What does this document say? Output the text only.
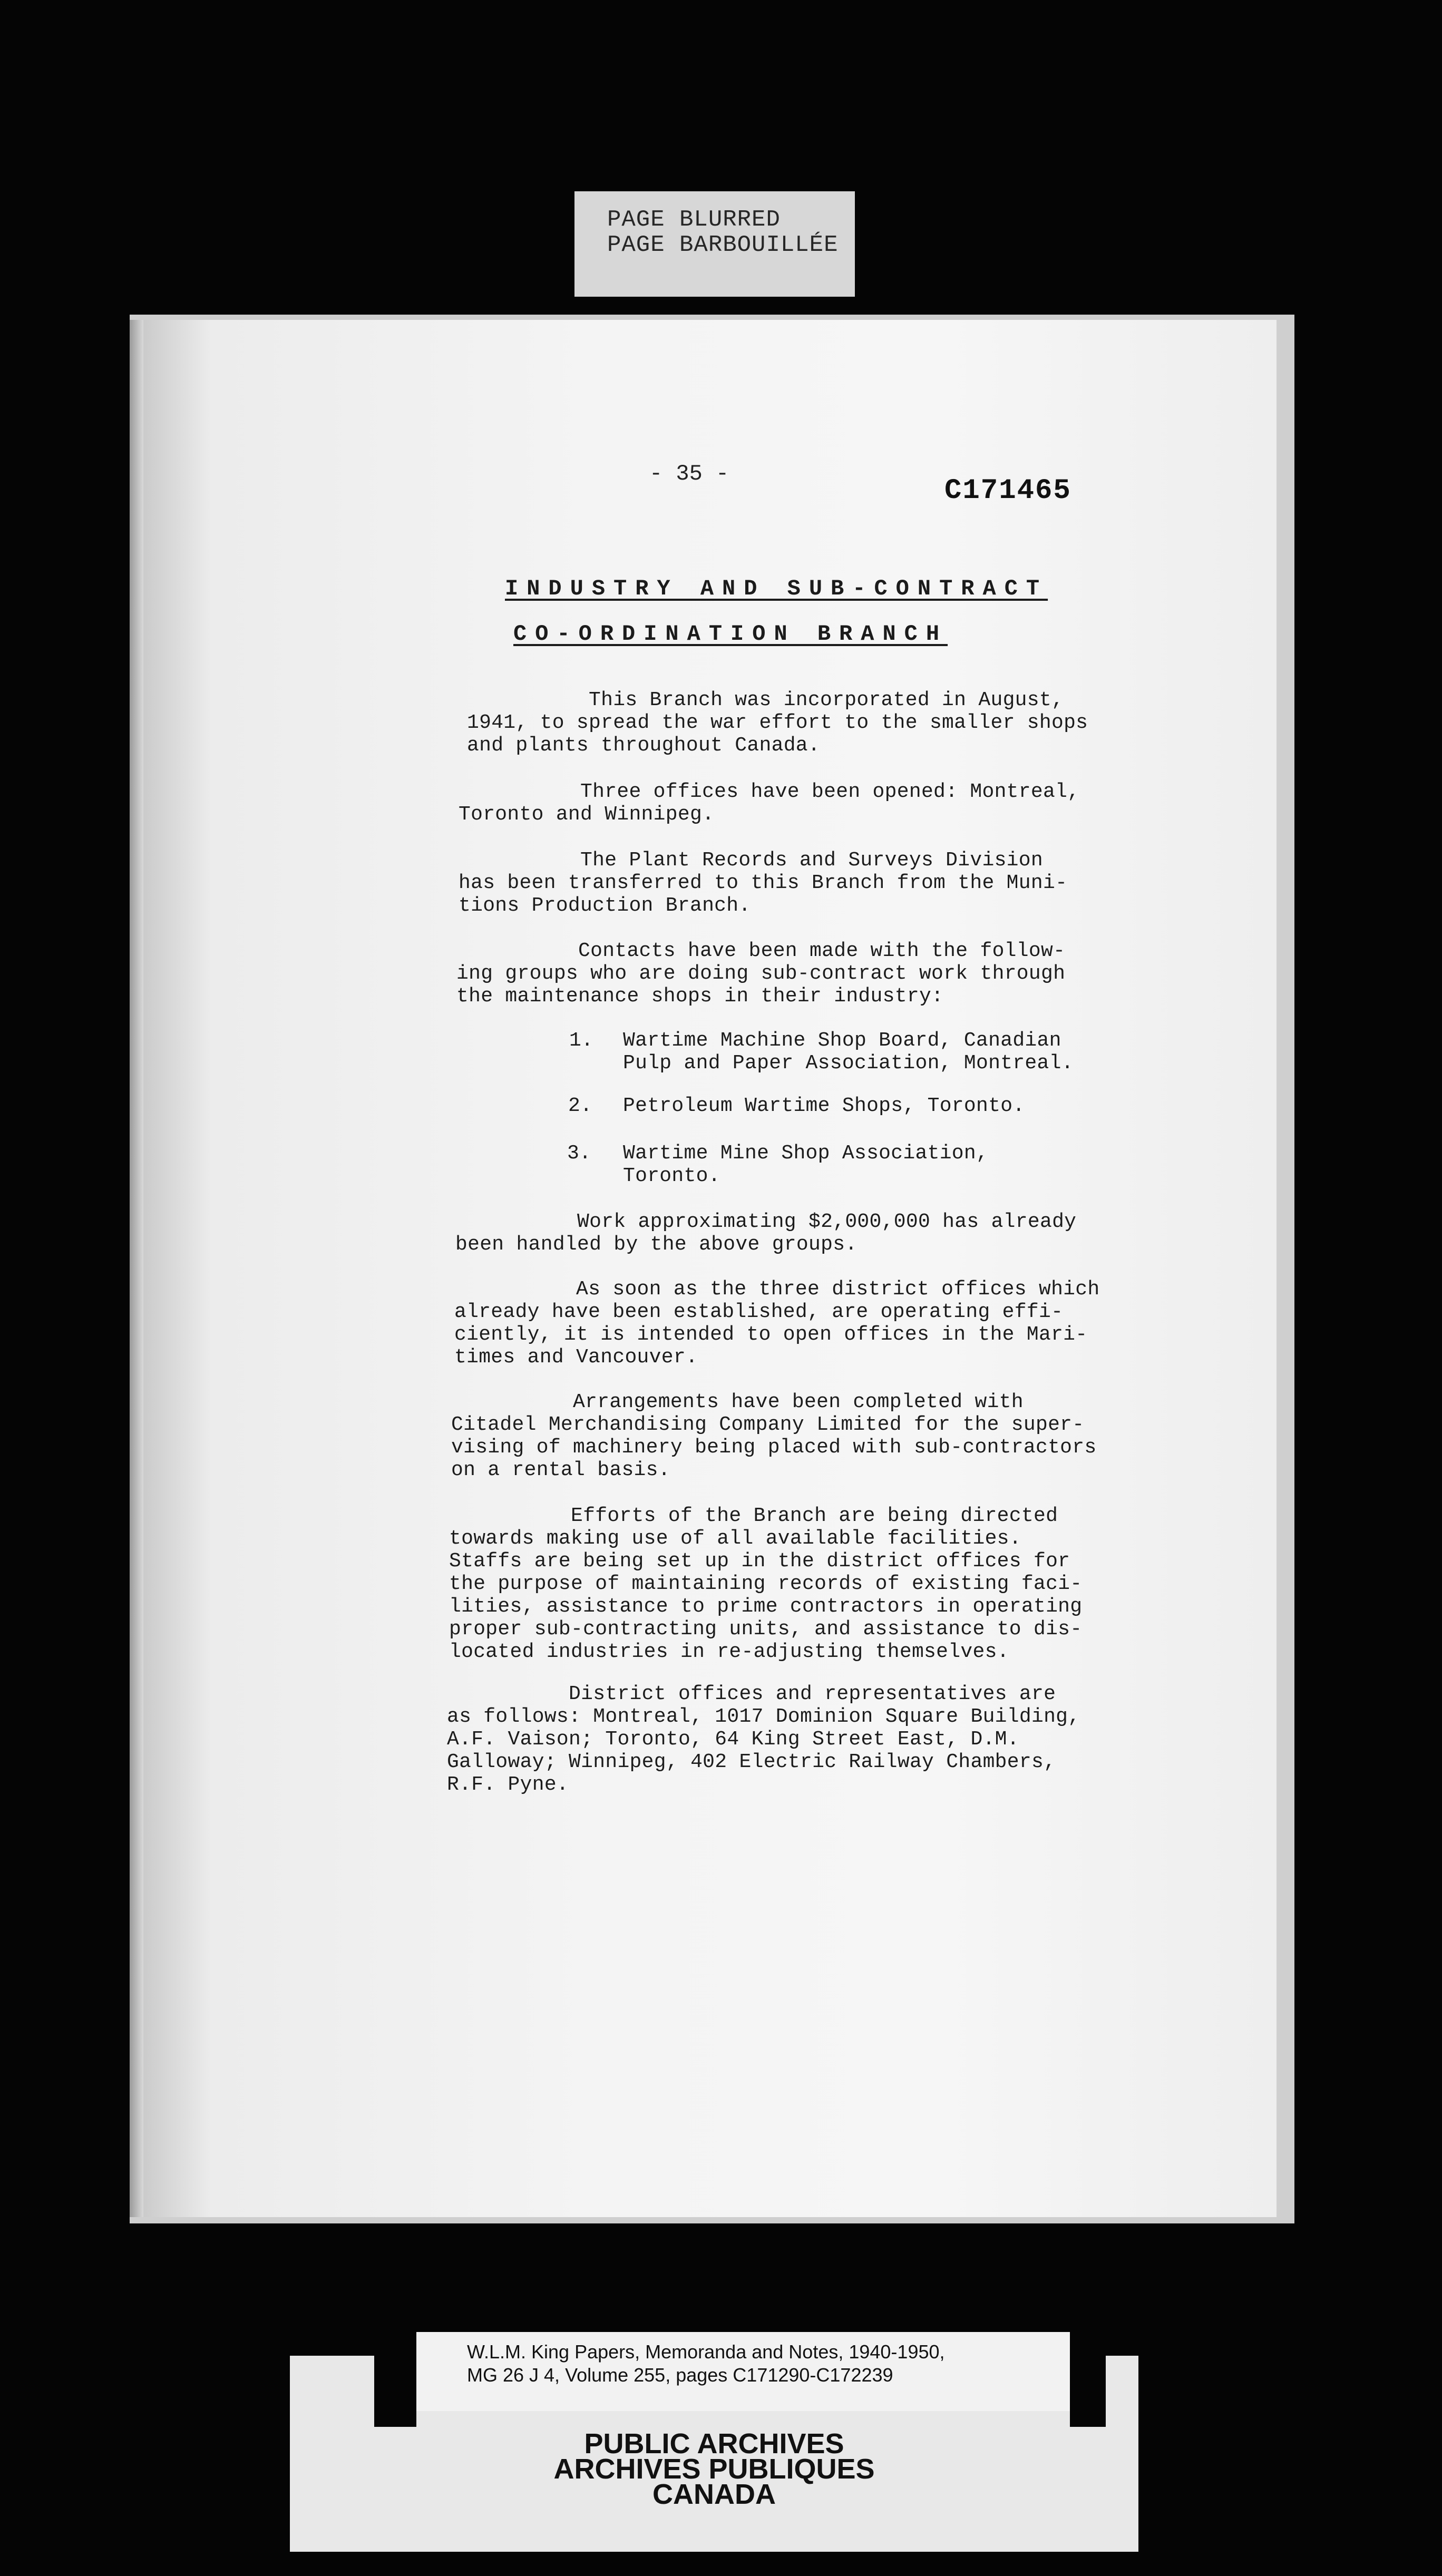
PAGE BLURRED
PAGE BARBOUILLÉE
- 35 -
C171465
INDUSTRY AND SUB-CONTRACT
CO-ORDINATION BRANCH
This Branch was incorporated in August,
1941, to spread the war effort to the smaller shops
and plants throughout Canada.
Three offices have been opened: Montreal,
Toronto and Winnipeg.
The Plant Records and Surveys Division
has been transferred to this Branch from the Muni-
tions Production Branch.
Contacts have been made with the follow-
ing groups who are doing sub-contract work through
the maintenance shops in their industry:
1. Wartime Machine Shop Board, Canadian
Pulp and Paper Association, Montreal.
2. Petroleum Wartime Shops, Toronto.
3. Wartime Mine Shop Association,
Toronto.
Work approximating $2,000,000 has already
been handled by the above groups.
As soon as the three district offices which
already have been established, are operating effi-
ciently, it is intended to open offices in the Mari-
times and Vancouver.
Arrangements have been completed with
Citadel Merchandising Company Limited for the super-
vising of machinery being placed with sub-contractors
on a rental basis.
Efforts of the Branch are being directed
towards making use of all available facilities.
Staffs are being set up in the district offices for
the purpose of maintaining records of existing faci-
lities, assistance to prime contractors in operating
proper sub-contracting units, and assistance to dis-
located industries in re-adjusting themselves.
District offices and representatives are
as follows: Montreal, 1017 Dominion Square Building,
A.F. Vaison; Toronto, 64 King Street East, D.M.
Galloway; Winnipeg, 402 Electric Railway Chambers,
R.F. Pyne.
PUBLIC ARCHIVES
ARCHIVES PUBLIQUES
CANADA
W.L.M. King Papers, Memoranda and Notes, 1940-1950,
MG 26 J 4, Volume 255, pages C171290-C172239
